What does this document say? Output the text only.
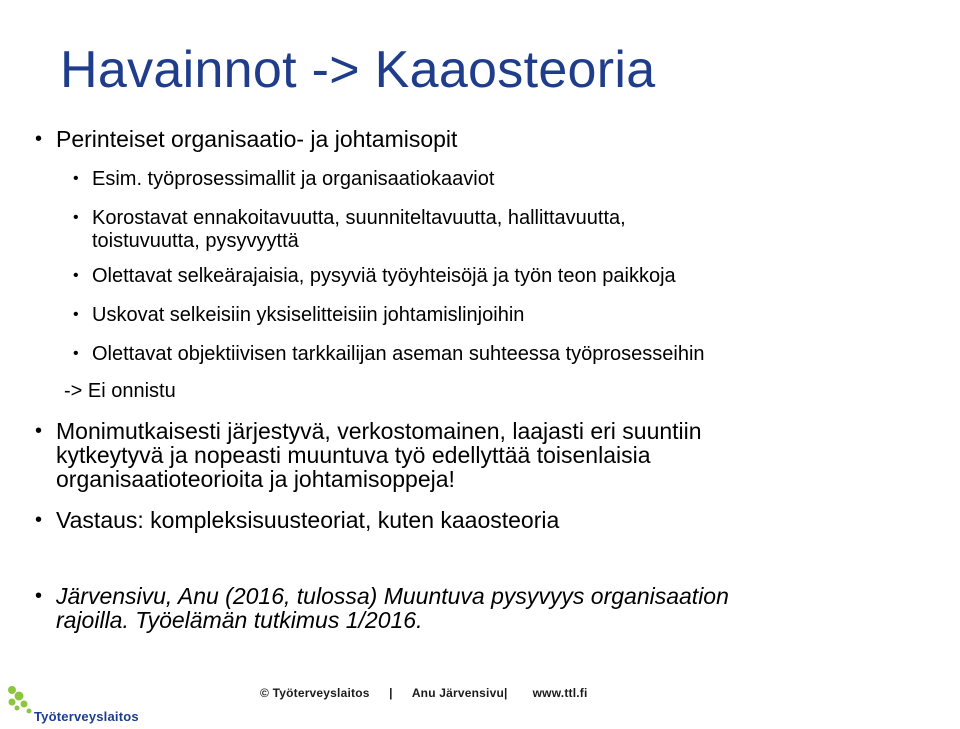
Havainnot -> Kaaosteoria
• Perinteiset organisaatio- ja johtamisopit
• Esim. työprosessimallit ja organisaatiokaaviot
• Korostavat ennakoitavuutta, suunniteltavuutta, hallittavuutta,
toistuvuutta, pysyvyyttä
• Olettavat selkeärajaisia, pysyviä työyhteisöjä ja työn teon paikkoja
• Uskovat selkeisiin yksiselitteisiin johtamislinjoihin
• Olettavat objektiivisen tarkkailijan aseman suhteessa työprosesseihin
-> Ei onnistu
• Monimutkaisesti järjestyvä, verkostomainen, laajasti eri suuntiin
kytkeytyvä ja nopeasti muuntuva työ edellyttää toisenlaisia
organisaatioteorioita ja johtamisoppeja!
• Vastaus: kompleksisuusteoriat, kuten kaaosteoria
• Järvensivu, Anu (2016, tulossa) Muuntuva pysyvyys organisaation
rajoilla. Työelämän tutkimus 1/2016.
Työterveyslaitos
© Työterveyslaitos | Anu Järvensivu| www.ttl.fi
